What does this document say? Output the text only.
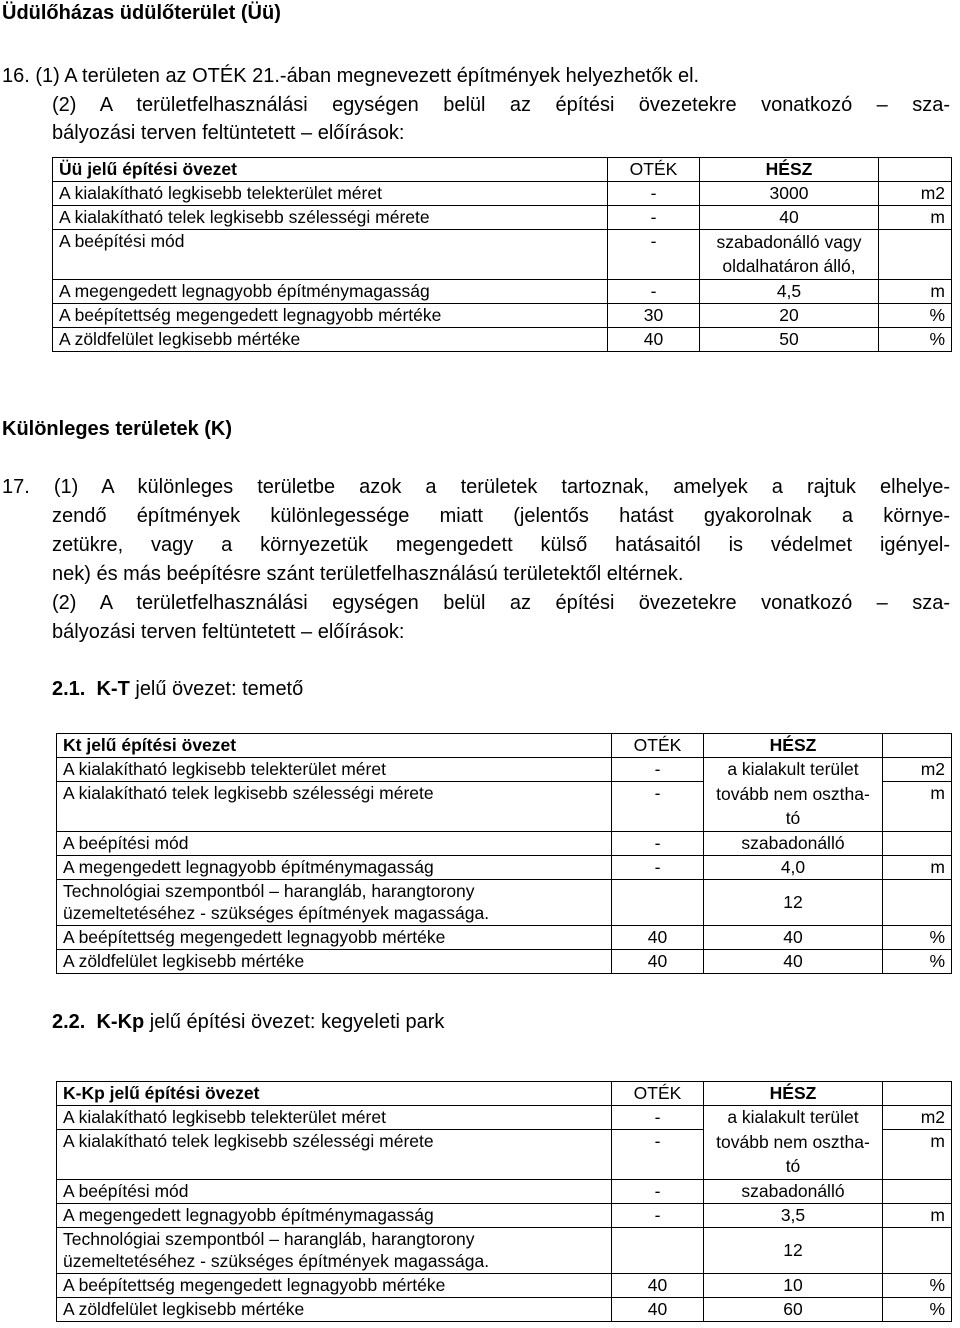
Üdülőházas üdülőterület (Üü)
16. (1) A területen az OTÉK 21.-ában megnevezett építmények helyezhetők el.
(2) A területfelhasználási egységen belül az építési övezetekre vonatkozó – sza-
bályozási terven feltüntetett – előírások:
Üü jelű építési övezet	OTÉK	HÉSZ	
A kialakítható legkisebb telekterület méret	-	3000	m2
A kialakítható telek legkisebb szélességi mérete	-	40	m
A beépítési mód	-	szabadonálló vagy oldalhatáron álló,	
A megengedett legnagyobb építménymagasság	-	4,5	m
A beépítettség megengedett legnagyobb mértéke	30	20	%
A zöldfelület legkisebb mértéke	40	50	%
Különleges területek (K)
17. (1) A különleges területbe azok a területek tartoznak, amelyek a rajtuk elhelye-
zendő építmények különlegessége miatt (jelentős hatást gyakorolnak a környe-
zetükre, vagy a környezetük megengedett külső hatásaitól is védelmet igényel-
nek) és más beépítésre szánt területfelhasználású területektől eltérnek.
(2) A területfelhasználási egységen belül az építési övezetekre vonatkozó – sza-
bályozási terven feltüntetett – előírások:
2.1. K-T jelű övezet: temető
Kt jelű építési övezet	OTÉK	HÉSZ	
A kialakítható legkisebb telekterület méret	-	a kialakult terület	m2
A kialakítható telek legkisebb szélességi mérete	-	tovább nem osztha-tó	m
A beépítési mód	-	szabadonálló	
A megengedett legnagyobb építménymagasság	-	4,0	m
Technológiai szempontból – harangláb, harangtorony üzemeltetéséhez - szükséges építmények magassága.		12	
A beépítettség megengedett legnagyobb mértéke	40	40	%
A zöldfelület legkisebb mértéke	40	40	%
2.2. K-Kp jelű építési övezet: kegyeleti park
K-Kp jelű építési övezet	OTÉK	HÉSZ	
A kialakítható legkisebb telekterület méret	-	a kialakult terület	m2
A kialakítható telek legkisebb szélességi mérete	-	tovább nem osztha-tó	m
A beépítési mód	-	szabadonálló	
A megengedett legnagyobb építménymagasság	-	3,5	m
Technológiai szempontból – harangláb, harangtorony üzemeltetéséhez - szükséges építmények magassága.		12	
A beépítettség megengedett legnagyobb mértéke	40	10	%
A zöldfelület legkisebb mértéke	40	60	%
